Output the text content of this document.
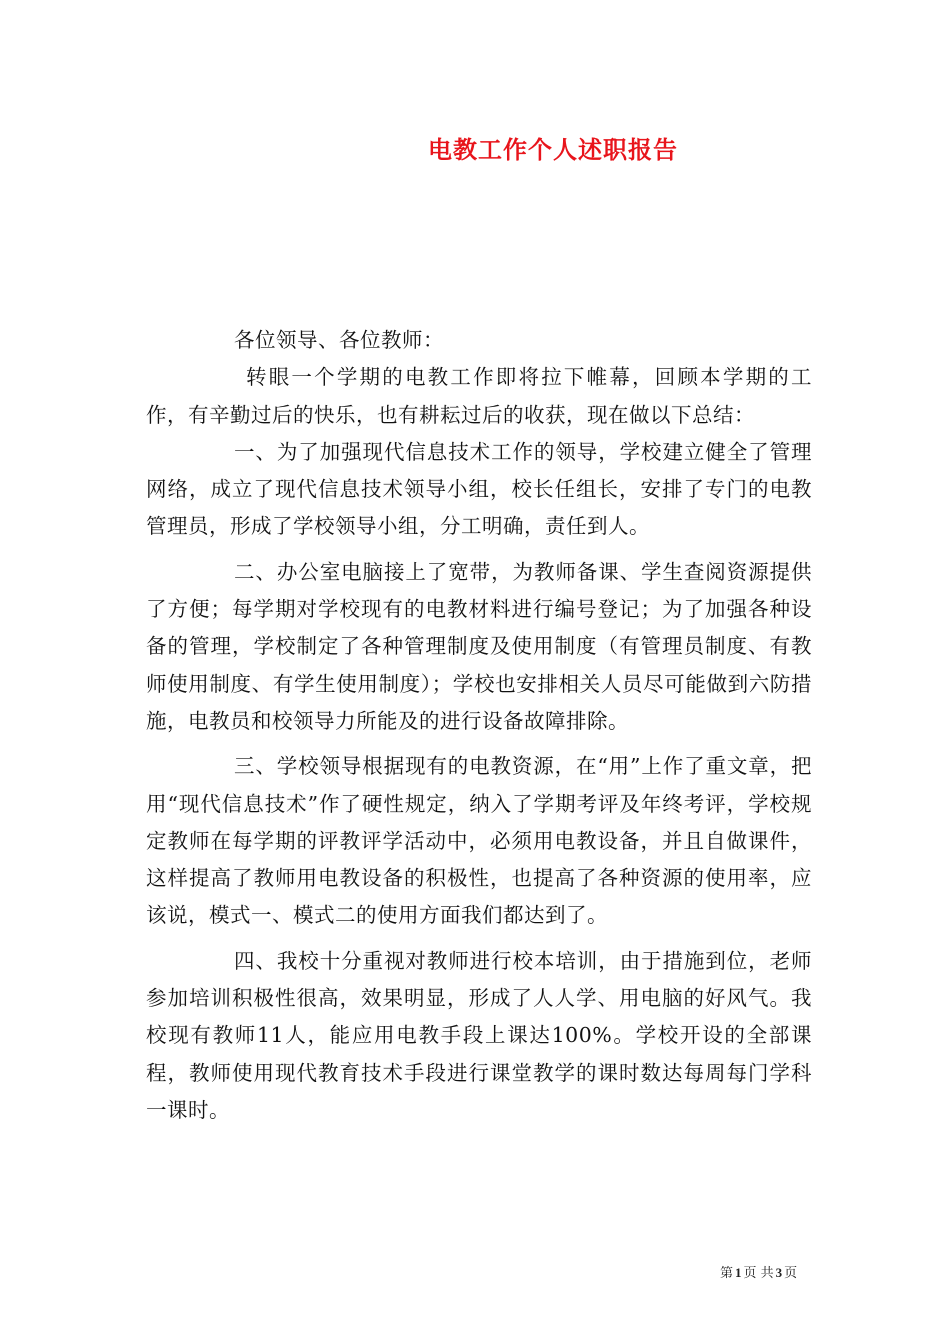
电教工作个人述职报告

各位领导、各位教师：

转眼一个学期的电教工作即将拉下帷幕，回顾本学期的工作，有辛勤过后的快乐，也有耕耘过后的收获，现在做以下总结：

一、为了加强现代信息技术工作的领导，学校建立健全了管理网络，成立了现代信息技术领导小组，校长任组长，安排了专门的电教管理员，形成了学校领导小组，分工明确，责任到人。

二、办公室电脑接上了宽带，为教师备课、学生查阅资源提供了方便；每学期对学校现有的电教材料进行编号登记；为了加强各种设备的管理，学校制定了各种管理制度及使用制度（有管理员制度、有教师使用制度、有学生使用制度）；学校也安排相关人员尽可能做到六防措施，电教员和校领导力所能及的进行设备故障排除。

三、学校领导根据现有的电教资源，在“用”上作了重文章，把用“现代信息技术”作了硬性规定，纳入了学期考评及年终考评，学校规定教师在每学期的评教评学活动中，必须用电教设备，并且自做课件，这样提高了教师用电教设备的积极性，也提高了各种资源的使用率，应该说，模式一、模式二的使用方面我们都达到了。

四、我校十分重视对教师进行校本培训，由于措施到位，老师参加培训积极性很高，效果明显，形成了人人学、用电脑的好风气。我校现有教师11人，能应用电教手段上课达100%。学校开设的全部课程，教师使用现代教育技术手段进行课堂教学的课时数达每周每门学科一课时。

第 1 页 共 3 页
